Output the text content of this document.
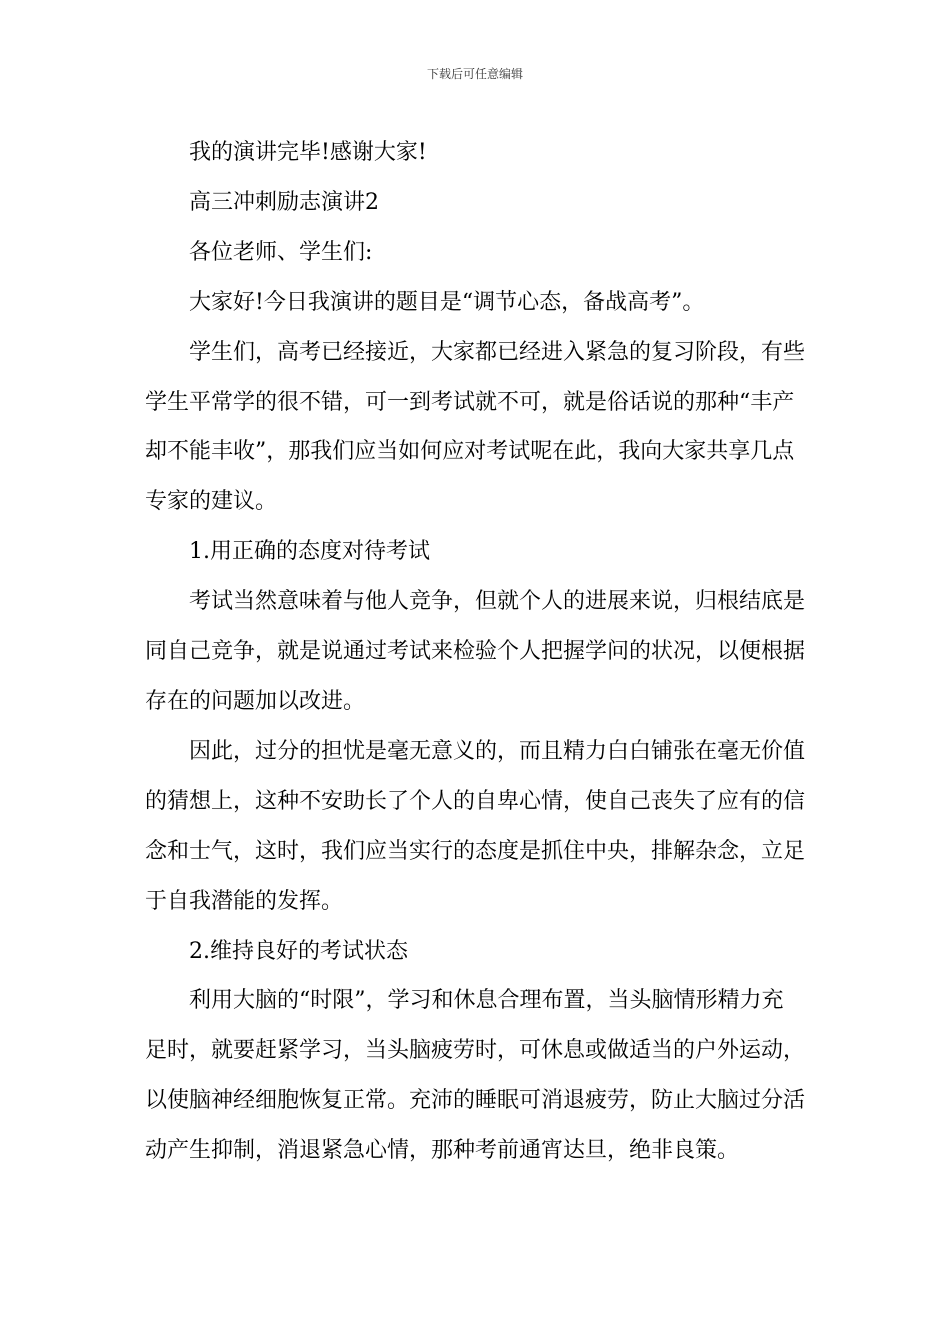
下载后可任意编辑

我的演讲完毕!感谢大家!

高三冲刺励志演讲2

各位老师、学生们:

大家好!今日我演讲的题目是“调节心态，备战高考”。

学生们，高考已经接近，大家都已经进入紧急的复习阶段，有些学生平常学的很不错，可一到考试就不可，就是俗话说的那种“丰产却不能丰收”，那我们应当如何应对考试呢在此，我向大家共享几点专家的建议。

1.用正确的态度对待考试

考试当然意味着与他人竞争，但就个人的进展来说，归根结底是同自己竞争，就是说通过考试来检验个人把握学问的状况，以便根据存在的问题加以改进。

因此，过分的担忧是毫无意义的，而且精力白白铺张在毫无价值的猜想上，这种不安助长了个人的自卑心情，使自己丧失了应有的信念和士气，这时，我们应当实行的态度是抓住中央，排解杂念，立足于自我潜能的发挥。

2.维持良好的考试状态

利用大脑的“时限”，学习和休息合理布置，当头脑情形精力充足时，就要赶紧学习，当头脑疲劳时，可休息或做适当的户外运动，以使脑神经细胞恢复正常。充沛的睡眠可消退疲劳，防止大脑过分活动产生抑制，消退紧急心情，那种考前通宵达旦，绝非良策。
